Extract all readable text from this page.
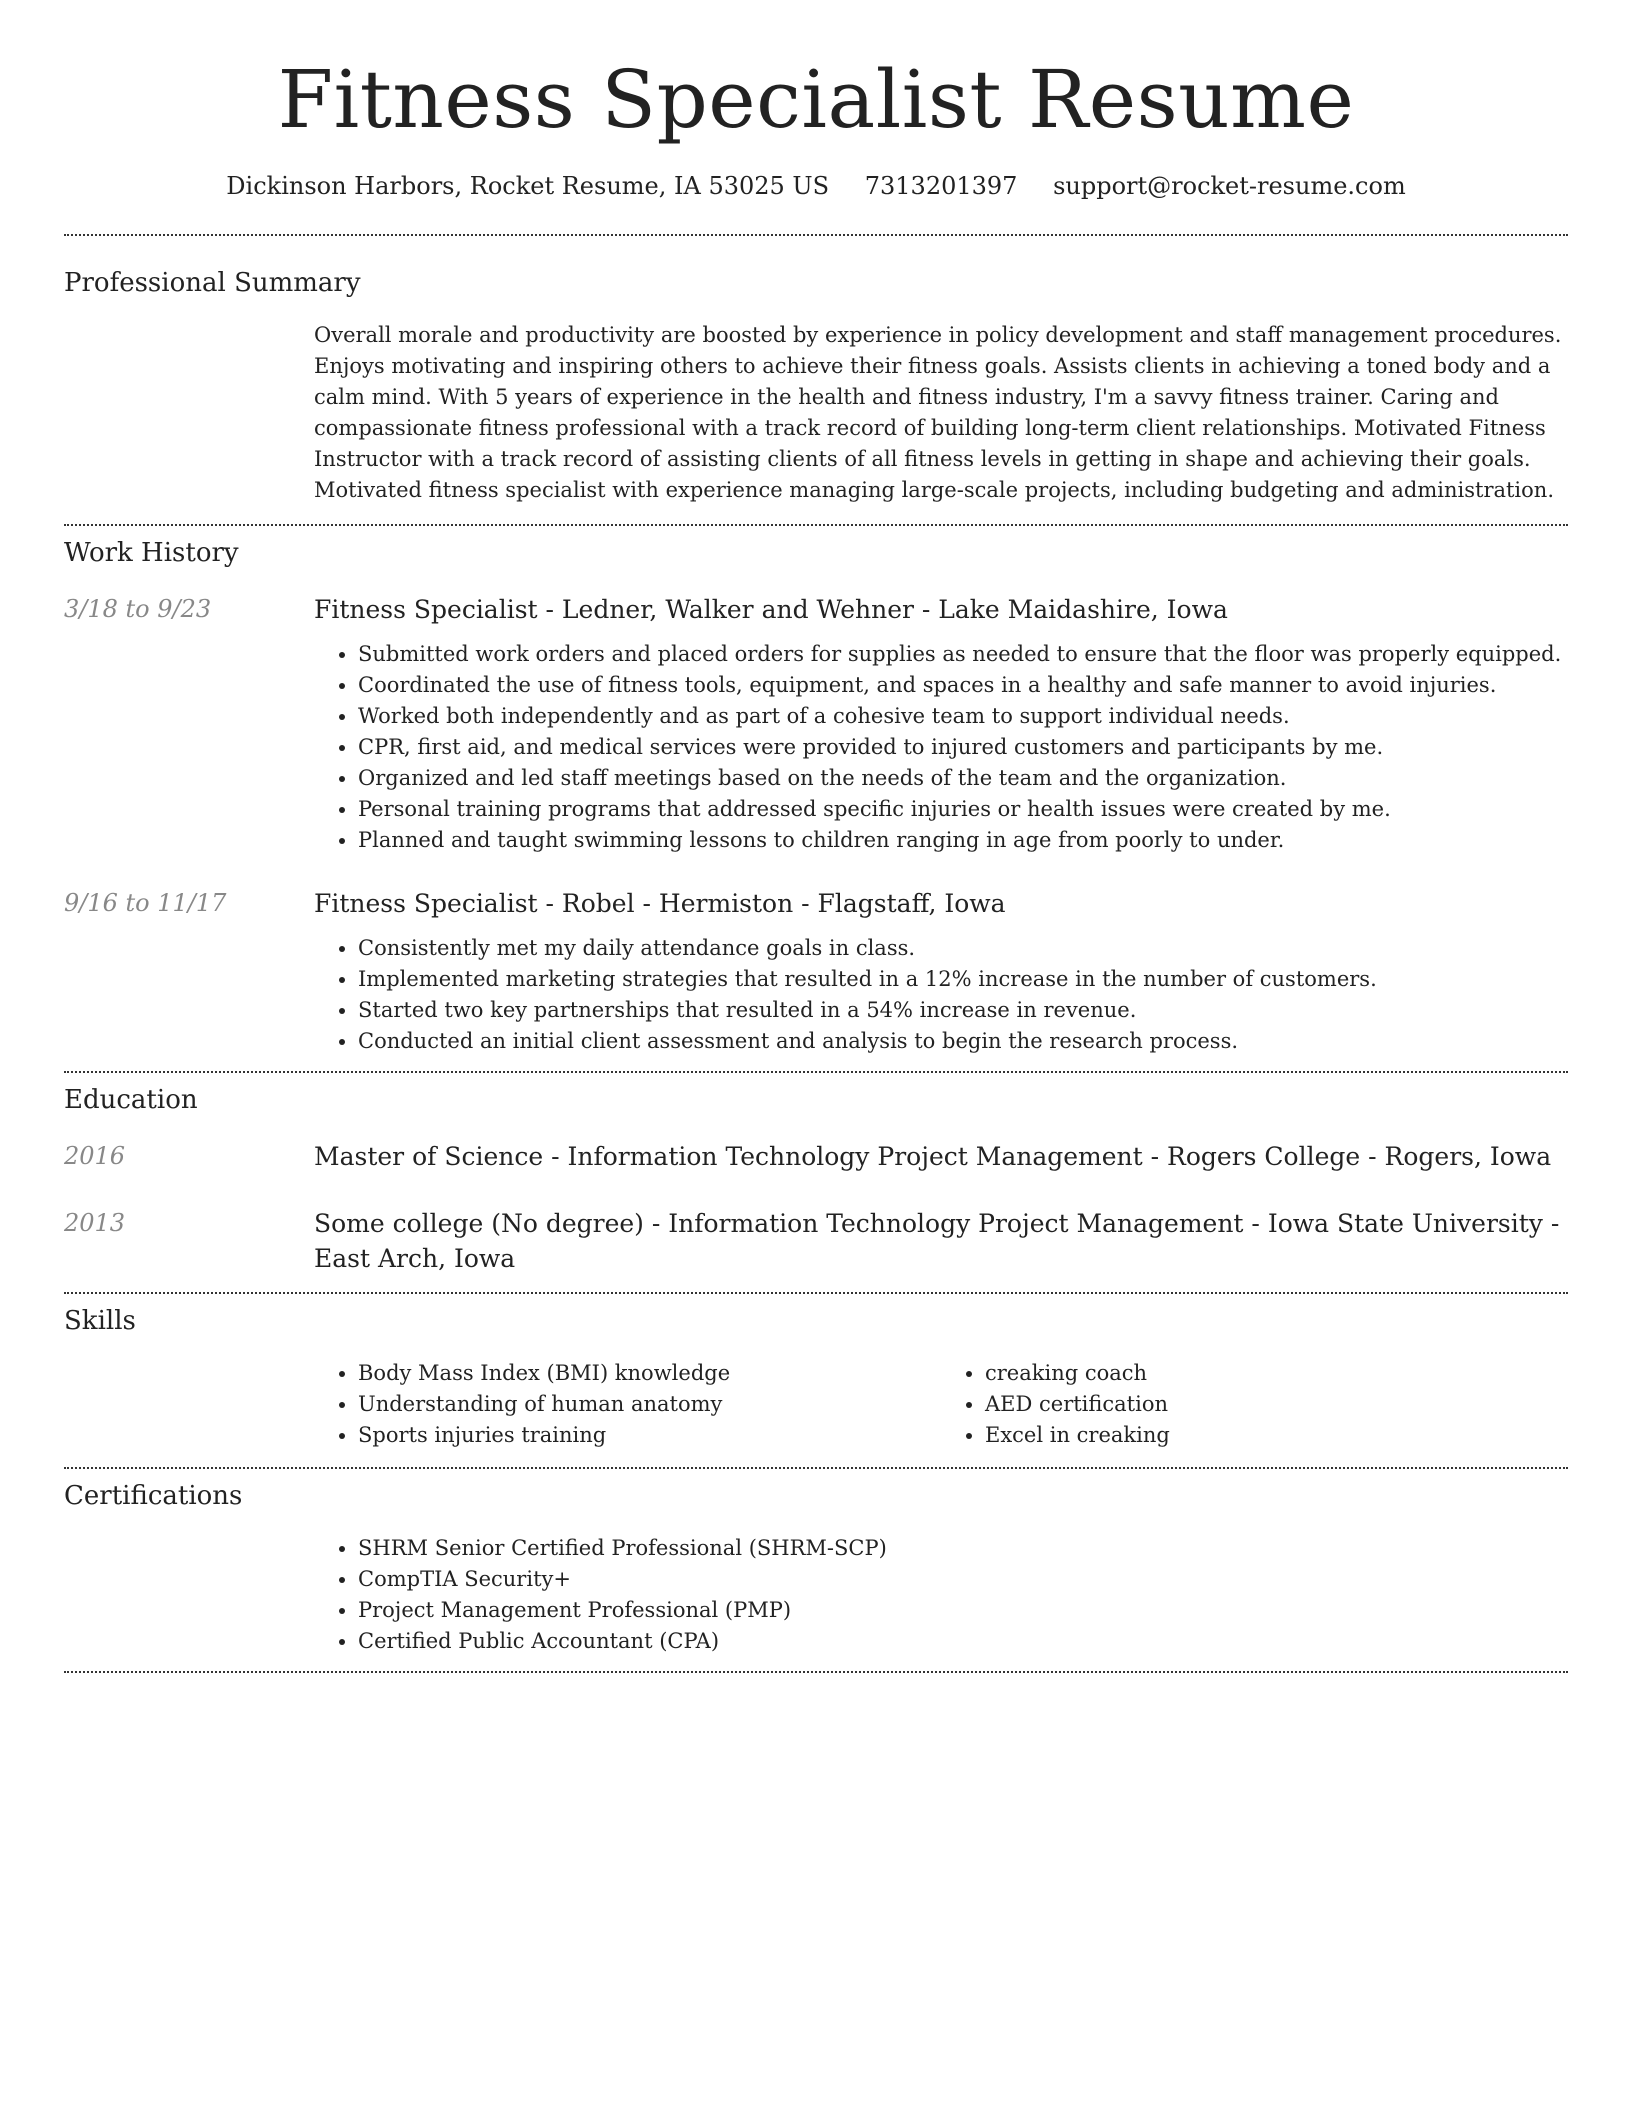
Fitness Specialist Resume
Dickinson Harbors, Rocket Resume, IA 53025 US 7313201397 support@rocket-resume.com
Professional Summary

Overall morale and productivity are boosted by experience in policy development and staff management procedures. Enjoys motivating and inspiring others to achieve their fitness goals. Assists clients in achieving a toned body and a calm mind. With 5 years of experience in the health and fitness industry, I'm a savvy fitness trainer. Caring and compassionate fitness professional with a track record of building long-term client relationships. Motivated Fitness Instructor with a track record of assisting clients of all fitness levels in getting in shape and achieving their goals. Motivated fitness specialist with experience managing large-scale projects, including budgeting and administration.

Work History
3/18 to 9/23	Fitness Specialist - Ledner, Walker and Wehner - Lake Maidashire, Iowa

• Submitted work orders and placed orders for supplies as needed to ensure that the floor was properly equipped.
• Coordinated the use of fitness tools, equipment, and spaces in a healthy and safe manner to avoid injuries.
• Worked both independently and as part of a cohesive team to support individual needs.
• CPR, first aid, and medical services were provided to injured customers and participants by me.
• Organized and led staff meetings based on the needs of the team and the organization.
• Personal training programs that addressed specific injuries or health issues were created by me.
• Planned and taught swimming lessons to children ranging in age from poorly to under.
9/16 to 11/17	Fitness Specialist - Robel - Hermiston - Flagstaff, Iowa

• Consistently met my daily attendance goals in class.
• Implemented marketing strategies that resulted in a 12% increase in the number of customers.
• Started two key partnerships that resulted in a 54% increase in revenue.
• Conducted an initial client assessment and analysis to begin the research process.
Education
2016	Master of Science - Information Technology Project Management - Rogers College - Rogers, Iowa

2013	Some college (No degree) - Information Technology Project Management - Iowa State University - East Arch, Iowa

Skills
• Body Mass Index (BMI) knowledge
• Understanding of human anatomy
• Sports injuries training
• creaking coach
• AED certification
• Excel in creaking
Certifications
• SHRM Senior Certified Professional (SHRM-SCP)
• CompTIA Security+
• Project Management Professional (PMP)
• Certified Public Accountant (CPA)
